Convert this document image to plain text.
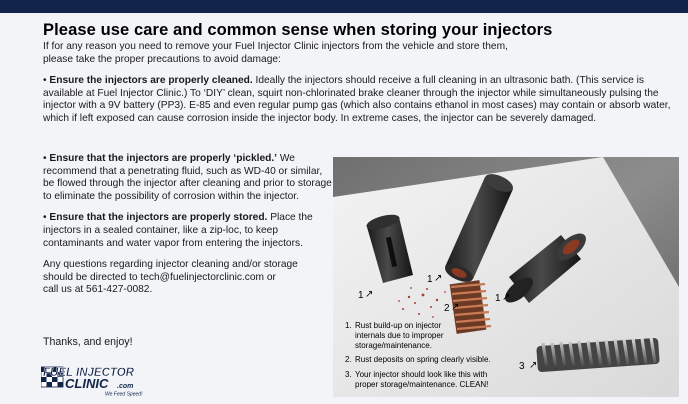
Please use care and common sense when storing your injectors

If for any reason you need to remove your Fuel Injector Clinic injectors from the vehicle and store them,
please take the proper precautions to avoid damage:

• Ensure the injectors are properly cleaned. Ideally the injectors should receive a full cleaning in an ultrasonic bath. (This service is available at Fuel Injector Clinic.) To ‘DIY’ clean, squirt non-chlorinated brake cleaner through the injector while simultaneously pulsing the injector with a 9V battery (PP3). E-85 and even regular pump gas (which also contains ethanol in most cases) may contain or absorb water, which if left exposed can cause corrosion inside the injector body. In extreme cases, the injector can be severely damaged.

• Ensure that the injectors are properly ‘pickled.’ We recommend that a penetrating fluid, such as WD-40 or similar, be flowed through the injector after cleaning and prior to storage to eliminate the possibility of corrosion within the injector.

• Ensure that the injectors are properly stored. Place the injectors in a sealed container, like a zip-loc, to keep contaminants and water vapor from entering the injectors.

Any questions regarding injector cleaning and/or storage
should be directed to tech@fuelinjectorclinic.com or
call us at 561-427-0082.

Thanks, and enjoy!
1 ↗
1 ↗
1 ↗
2 ↗
3 ↗
1. Rust build-up on injector
internals due to improper
storage/maintenance.
2. Rust deposits on spring clearly visible.
3. Your injector should look like this with
proper storage/maintenance. CLEAN!
FUEL INJECTOR
CLINIC .com
We Feed Speed!
